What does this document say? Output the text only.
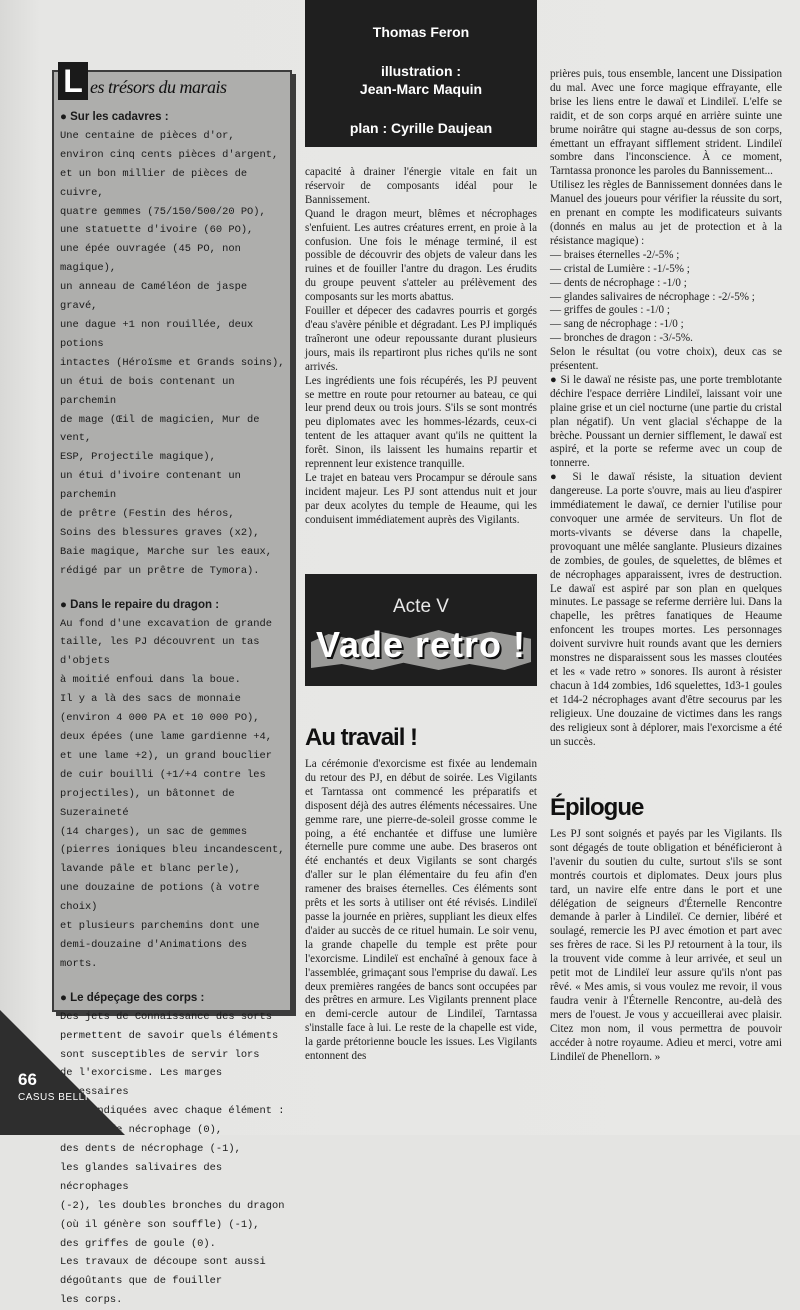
Thomas Feron
illustration :
Jean-Marc Maquin
plan : Cyrille Daujean
L es trésors du marais

● Sur les cadavres :

Une centaine de pièces d'or,

environ cinq cents pièces d'argent,

et un bon millier de pièces de cuivre,

quatre gemmes (75/150/500/20 PO),

une statuette d'ivoire (60 PO),

une épée ouvragée (45 PO, non magique),

un anneau de Caméléon de jaspe gravé,

une dague +1 non rouillée, deux potions

intactes (Héroïsme et Grands soins),

un étui de bois contenant un parchemin

de mage (Œil de magicien, Mur de vent,

ESP, Projectile magique),

un étui d'ivoire contenant un parchemin

de prêtre (Festin des héros,

Soins des blessures graves (x2),

Baie magique, Marche sur les eaux,

rédigé par un prêtre de Tymora).

● Dans le repaire du dragon :

Au fond d'une excavation de grande

taille, les PJ découvrent un tas d'objets

à moitié enfoui dans la boue.

Il y a là des sacs de monnaie

(environ 4 000 PA et 10 000 PO),

deux épées (une lame gardienne +4,

et une lame +2), un grand bouclier

de cuir bouilli (+1/+4 contre les

projectiles), un bâtonnet de Suzeraineté

(14 charges), un sac de gemmes

(pierres ioniques bleu incandescent,

lavande pâle et blanc perle),

une douzaine de potions (à votre choix)

et plusieurs parchemins dont une

demi-douzaine d'Animations des morts.

● Le dépeçage des corps :

Des jets de Connaissance des sorts

permettent de savoir quels éléments

sont susceptibles de servir lors

de l'exorcisme. Les marges nécessaires

sont indiquées avec chaque élément :

du sang de nécrophage (0),

des dents de nécrophage (-1),

les glandes salivaires des nécrophages

(-2), les doubles bronches du dragon

(où il génère son souffle) (-1),

des griffes de goule (0).

Les travaux de découpe sont aussi

dégoûtants que de fouiller

les corps.

capacité à drainer l'énergie vitale en fait un réservoir de composants idéal pour le Bannissement.

Quand le dragon meurt, blêmes et nécrophages s'enfuient. Les autres créatures errent, en proie à la confusion. Une fois le ménage terminé, il est possible de découvrir des objets de valeur dans les ruines et de fouiller l'antre du dragon. Les érudits du groupe peuvent s'atteler au prélèvement des composants sur les morts abattus.

Fouiller et dépecer des cadavres pourris et gorgés d'eau s'avère pénible et dégradant. Les PJ impliqués traîneront une odeur repoussante durant plusieurs jours, mais ils repartiront plus riches qu'ils ne sont arrivés.

Les ingrédients une fois récupérés, les PJ peuvent se mettre en route pour retourner au bateau, ce qui leur prend deux ou trois jours. S'ils se sont montrés peu diplomates avec les hommes-lézards, ceux-ci tentent de les attaquer avant qu'ils ne quittent la forêt. Sinon, ils laissent les humains repartir et reprennent leur existence tranquille.

Le trajet en bateau vers Procampur se déroule sans incident majeur. Les PJ sont attendus nuit et jour par deux acolytes du temple de Heaume, qui les conduisent immédiatement auprès des Vigilants.

Acte V
Vade retro !
Au travail !

La cérémonie d'exorcisme est fixée au lendemain du retour des PJ, en début de soirée. Les Vigilants et Tarntassa ont commencé les préparatifs et disposent déjà des autres éléments nécessaires. Une gemme rare, une pierre-de-soleil grosse comme le poing, a été enchantée et diffuse une lumière éternelle pure comme une aube. Des braseros ont été enchantés et deux Vigilants se sont chargés d'aller sur le plan élémentaire du feu afin d'en ramener des braises éternelles. Ces éléments sont prêts et les sorts à utiliser ont été révisés. Lindileï passe la journée en prières, suppliant les dieux elfes d'aider au succès de ce rituel humain. Le soir venu, la grande chapelle du temple est prête pour l'exorcisme. Lindileï est enchaîné à genoux face à l'assemblée, grimaçant sous l'emprise du dawaï. Les deux premières rangées de bancs sont occupées par des prêtres en armure. Les Vigilants prennent place en demi-cercle autour de Lindileï, Tarntassa s'installe face à lui. Le reste de la chapelle est vide, la garde prétorienne boucle les issues. Les Vigilants entonnent des

prières puis, tous ensemble, lancent une Dissipation du mal. Avec une force magique effrayante, elle brise les liens entre le dawaï et Lindileï. L'elfe se raidit, et de son corps arqué en arrière suinte une brume noirâtre qui stagne au-dessus de son corps, émettant un effrayant sifflement strident. Lindileï sombre dans l'inconscience. À ce moment, Tarntassa prononce les paroles du Bannissement...

Utilisez les règles de Bannissement données dans le Manuel des joueurs pour vérifier la réussite du sort, en prenant en compte les modificateurs suivants (donnés en malus au jet de protection et à la résistance magique) :

— braises éternelles -2/-5% ;

— cristal de Lumière : -1/-5% ;

— dents de nécrophage : -1/0 ;

— glandes salivaires de nécrophage : -2/-5% ;

— griffes de goules : -1/0 ;

— sang de nécrophage : -1/0 ;

— bronches de dragon : -3/-5%.

Selon le résultat (ou votre choix), deux cas se présentent.

● Si le dawaï ne résiste pas, une porte tremblotante déchire l'espace derrière Lindileï, laissant voir une plaine grise et un ciel nocturne (une partie du cristal plan négatif). Un vent glacial s'échappe de la brèche. Poussant un dernier sifflement, le dawaï est aspiré, et la porte se referme avec un coup de tonnerre.

● Si le dawaï résiste, la situation devient dangereuse. La porte s'ouvre, mais au lieu d'aspirer immédiatement le dawaï, ce dernier l'utilise pour convoquer une armée de serviteurs. Un flot de morts-vivants se déverse dans la chapelle, provoquant une mêlée sanglante. Plusieurs dizaines de zombies, de goules, de squelettes, de blêmes et de nécrophages apparaissent, ivres de destruction. Le dawaï est aspiré par son plan en quelques minutes. Le passage se referme derrière lui. Dans la chapelle, les prêtres fanatiques de Heaume enfoncent les troupes mortes. Les personnages doivent survivre huit rounds avant que les derniers monstres ne disparaissent sous les masses cloutées et les « vade retro » sonores. Ils auront à résister chacun à 1d4 zombies, 1d6 squelettes, 1d3-1 goules et 1d4-2 nécrophages avant d'être secourus par les religieux. Une douzaine de victimes dans les rangs des religieux sont à déplorer, mais l'exorcisme a été un succès.

Épilogue

Les PJ sont soignés et payés par les Vigilants. Ils sont dégagés de toute obligation et bénéficieront à l'avenir du soutien du culte, surtout s'ils se sont montrés courtois et diplomates. Deux jours plus tard, un navire elfe entre dans le port et une délégation de seigneurs d'Éternelle Rencontre demande à parler à Lindileï. Ce dernier, libéré et soulagé, remercie les PJ avec émotion et part avec ses frères de race. Si les PJ retournent à la tour, ils la trouvent vide comme à leur arrivée, et seul un petit mot de Lindileï leur assure qu'ils n'ont pas rêvé. « Mes amis, si vous voulez me revoir, il vous faudra venir à l'Éternelle Rencontre, au-delà des mers de l'ouest. Je vous y accueillerai avec plaisir. Citez mon nom, il vous permettra de pouvoir accéder à notre royaume. Adieu et merci, votre ami Lindileï de Phenellorn. »

66
CASUS BELLI
